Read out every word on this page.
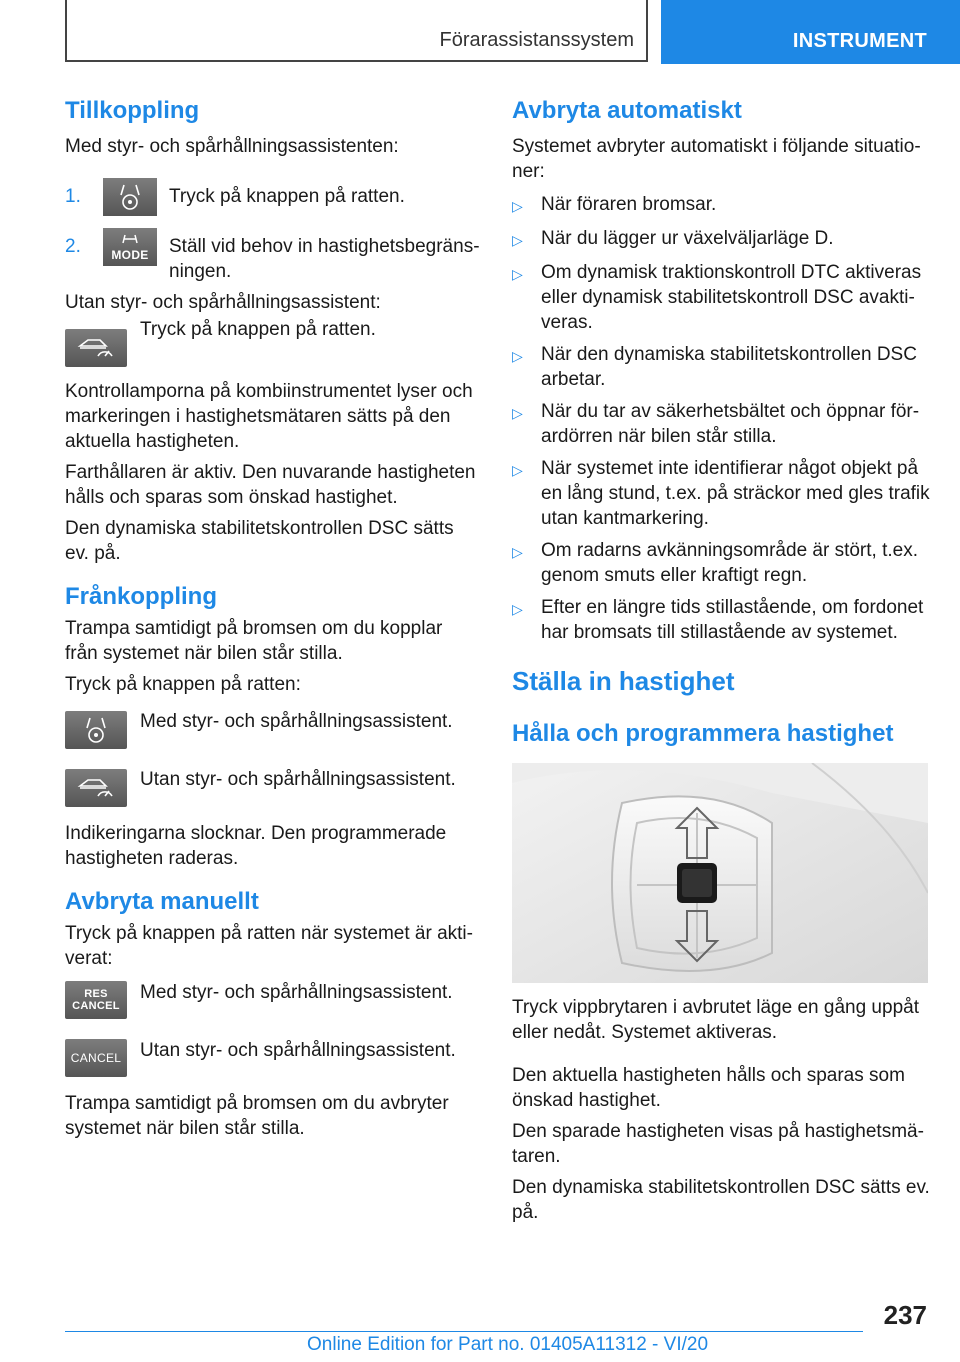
Förarassistanssystem	INSTRUMENT
Tillkoppling

Med styr- och spårhållningsassistenten:

1.	Tryck på knappen på ratten.
2.	MODE Ställ vid behov in hastighetsbegräns-ningen.

Utan styr- och spårhållningsassistent:

Tryck på knappen på ratten.

Kontrollamporna på kombiinstrumentet lyser och markeringen i hastighetsmätaren sätts på den aktuella hastigheten.

Farthållaren är aktiv. Den nuvarande hastigheten hålls och sparas som önskad hastighet.

Den dynamiska stabilitetskontrollen DSC sätts ev. på.

Frånkoppling

Trampa samtidigt på bromsen om du kopplar från systemet när bilen står stilla.

Tryck på knappen på ratten:

Med styr- och spårhållningsassistent.
Utan styr- och spårhållningsassistent.

Indikeringarna slocknar. Den programmerade hastigheten raderas.

Avbryta manuellt

Tryck på knappen på ratten när systemet är akti-verat:

RES
CANCEL
Med styr- och spårhållningsassistent.
CANCEL Utan styr- och spårhållningsassistent.

Trampa samtidigt på bromsen om du avbryter systemet när bilen står stilla.

Avbryta automatiskt

Systemet avbryter automatiskt i följande situatio-ner:

▷ När föraren bromsar.
▷ När du lägger ur växelväljarläge D.
▷ Om dynamisk traktionskontroll DTC aktiveras eller dynamisk stabilitetskontroll DSC avakti-veras.
▷ När den dynamiska stabilitetskontrollen DSC arbetar.
▷ När du tar av säkerhetsbältet och öppnar för-ardörren när bilen står stilla.
▷ När systemet inte identifierar något objekt på en lång stund, t.ex. på sträckor med gles trafik utan kantmarkering.
▷ Om radarns avkänningsområde är stört, t.ex. genom smuts eller kraftigt regn.
▷ Efter en längre tids stillastående, om fordonet har bromsats till stillastående av systemet.
Ställa in hastighet
Hålla och programmera hastighet

Tryck vippbrytaren i avbrutet läge en gång uppåt eller nedåt. Systemet aktiveras.

Den aktuella hastigheten hålls och sparas som önskad hastighet.

Den sparade hastigheten visas på hastighetsmä-taren.

Den dynamiska stabilitetskontrollen DSC sätts ev. på.

237
Online Edition for Part no. 01405A11312 - VI/20
